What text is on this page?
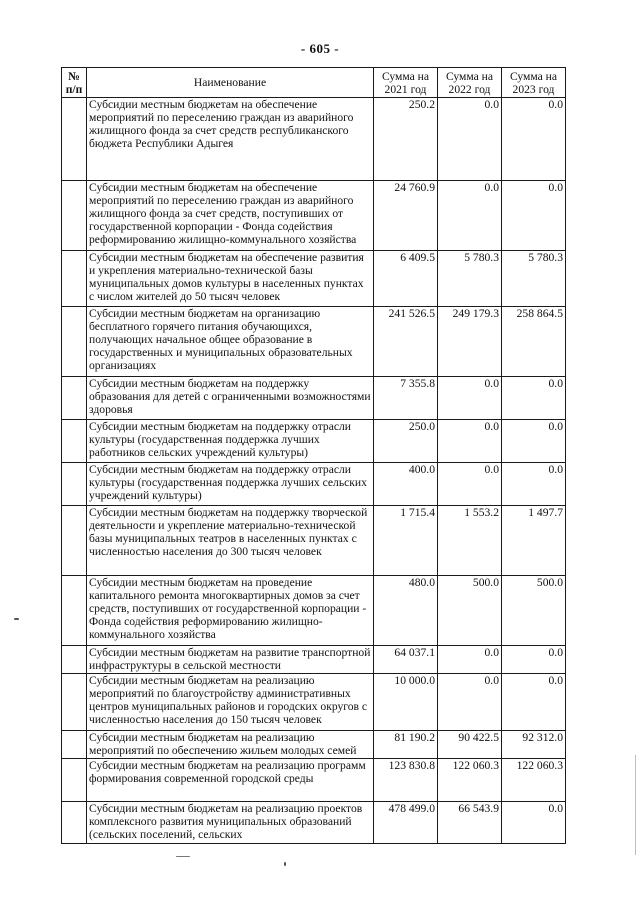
- 605 -
№ п/п	Наименование	Сумма на 2021 год	Сумма на 2022 год	Сумма на 2023 год
	Субсидии местным бюджетам на обеспечение мероприятий по переселению граждан из аварийного жилищного фонда за счет средств республиканского бюджета Республики Адыгея	250.2	0.0	0.0
	Субсидии местным бюджетам на обеспечение мероприятий по переселению граждан из аварийного жилищного фонда за счет средств, поступивших от государственной корпорации - Фонда содействия реформированию жилищно-коммунального хозяйства	24 760.9	0.0	0.0
	Субсидии местным бюджетам на обеспечение развития и укрепления материально-технической базы муниципальных домов культуры в населенных пунктах с числом жителей до 50 тысяч человек	6 409.5	5 780.3	5 780.3
	Субсидии местным бюджетам на организацию бесплатного горячего питания обучающихся, получающих начальное общее образование в государственных и муниципальных образовательных организациях	241 526.5	249 179.3	258 864.5
	Субсидии местным бюджетам на поддержку образования для детей с ограниченными возможностями здоровья	7 355.8	0.0	0.0
	Субсидии местным бюджетам на поддержку отрасли культуры (государственная поддержка лучших работников сельских учреждений культуры)	250.0	0.0	0.0
	Субсидии местным бюджетам на поддержку отрасли культуры (государственная поддержка лучших сельских учреждений культуры)	400.0	0.0	0.0
	Субсидии местным бюджетам на поддержку творческой деятельности и укрепление материально-технической базы муниципальных театров в населенных пунктах с численностью населения до 300 тысяч человек	1 715.4	1 553.2	1 497.7
	Субсидии местным бюджетам на проведение капитального ремонта многоквартирных домов за счет средств, поступивших от государственной корпорации - Фонда содействия реформированию жилищно-коммунального хозяйства	480.0	500.0	500.0
	Субсидии местным бюджетам на развитие транспортной инфраструктуры в сельской местности	64 037.1	0.0	0.0
	Субсидии местным бюджетам на реализацию мероприятий по благоустройству административных центров муниципальных районов и городских округов с численностью населения до 150 тысяч человек	10 000.0	0.0	0.0
	Субсидии местным бюджетам на реализацию мероприятий по обеспечению жильем молодых семей	81 190.2	90 422.5	92 312.0
	Субсидии местным бюджетам на реализацию программ формирования современной городской среды	123 830.8	122 060.3	122 060.3
	Субсидии местным бюджетам на реализацию проектов комплексного развития муниципальных образований (сельских поселений, сельских	478 499.0	66 543.9	0.0
